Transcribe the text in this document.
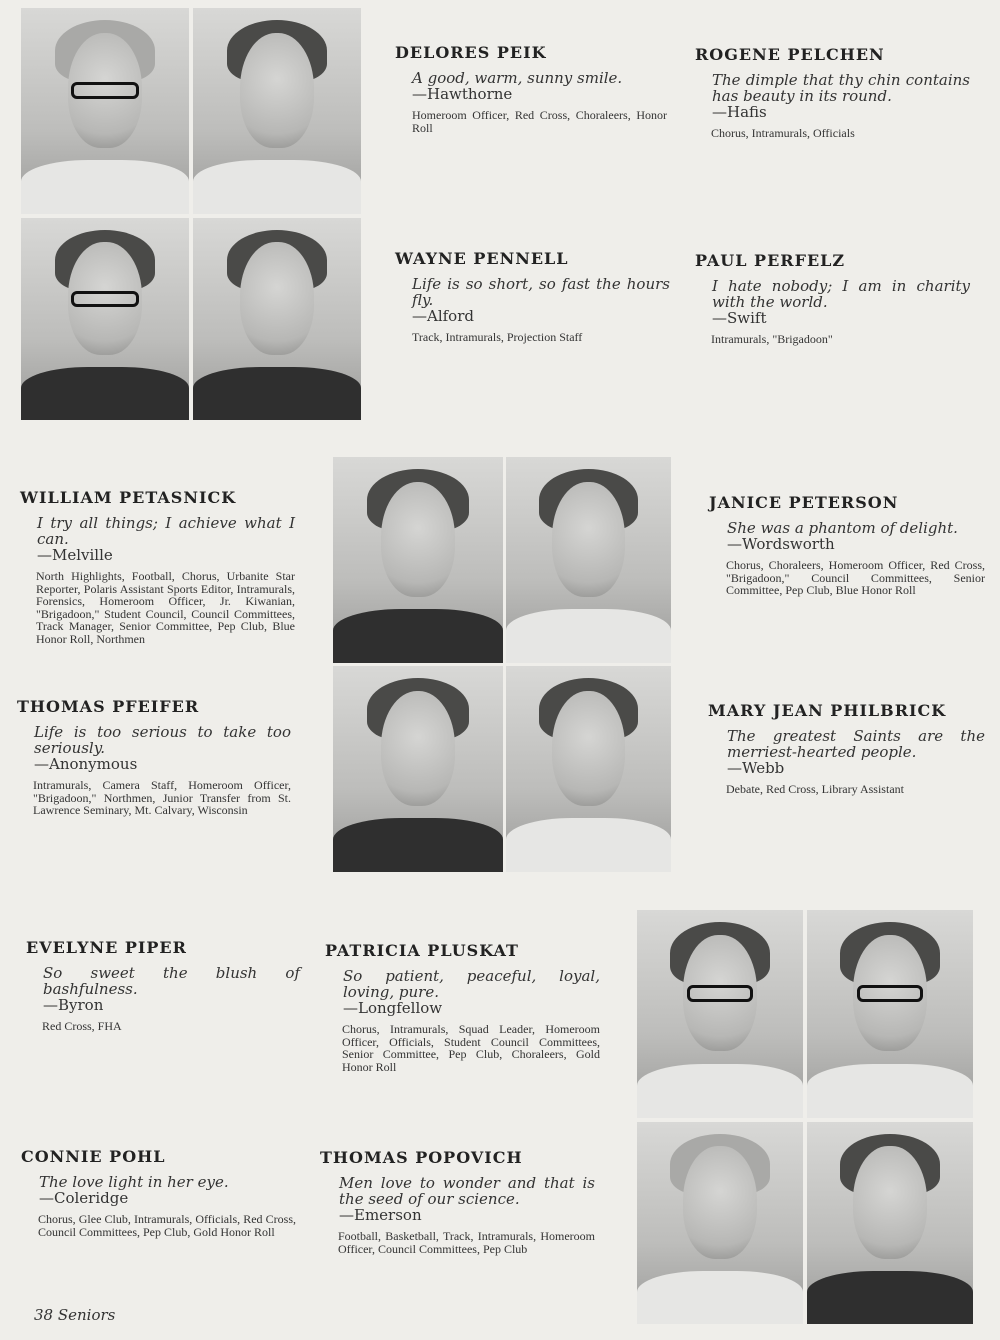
DELORES PEIK
A good, warm, sunny smile.
—Hawthorne
Homeroom Officer, Red Cross, Choraleers, Honor Roll
ROGENE PELCHEN
The dimple that thy chin contains has beauty in its round.
—Hafis
Chorus, Intramurals, Officials
WAYNE PENNELL
Life is so short, so fast the hours fly.
—Alford
Track, Intramurals, Projection Staff
PAUL PERFELZ
I hate nobody; I am in charity with the world.
—Swift
Intramurals, "Brigadoon"
WILLIAM PETASNICK
I try all things; I achieve what I can.
—Melville
North Highlights, Football, Chorus, Urbanite Star Reporter, Polaris Assistant Sports Editor, Intramurals, Forensics, Homeroom Officer, Jr. Kiwanian, "Brigadoon," Student Council, Council Committees, Track Manager, Senior Committee, Pep Club, Blue Honor Roll, Northmen
JANICE PETERSON
She was a phantom of delight.
—Wordsworth
Chorus, Choraleers, Homeroom Officer, Red Cross, "Brigadoon," Council Committees, Senior Committee, Pep Club, Blue Honor Roll
THOMAS PFEIFER
Life is too serious to take too seriously.
—Anonymous
Intramurals, Camera Staff, Homeroom Officer, "Brigadoon," Northmen, Junior Transfer from St. Lawrence Seminary, Mt. Calvary, Wisconsin
MARY JEAN PHILBRICK
The greatest Saints are the merriest-hearted people.
—Webb
Debate, Red Cross, Library Assistant
EVELYNE PIPER
So sweet the blush of bashfulness.
—Byron
Red Cross, FHA
PATRICIA PLUSKAT
So patient, peaceful, loyal, loving, pure.
—Longfellow
Chorus, Intramurals, Squad Leader, Homeroom Officer, Officials, Student Council Committees, Senior Committee, Pep Club, Choraleers, Gold Honor Roll
CONNIE POHL
The love light in her eye.
—Coleridge
Chorus, Glee Club, Intramurals, Officials, Red Cross, Council Committees, Pep Club, Gold Honor Roll
THOMAS POPOVICH
Men love to wonder and that is the seed of our science.
—Emerson
Football, Basketball, Track, Intramurals, Homeroom Officer, Council Committees, Pep Club
38 Seniors
